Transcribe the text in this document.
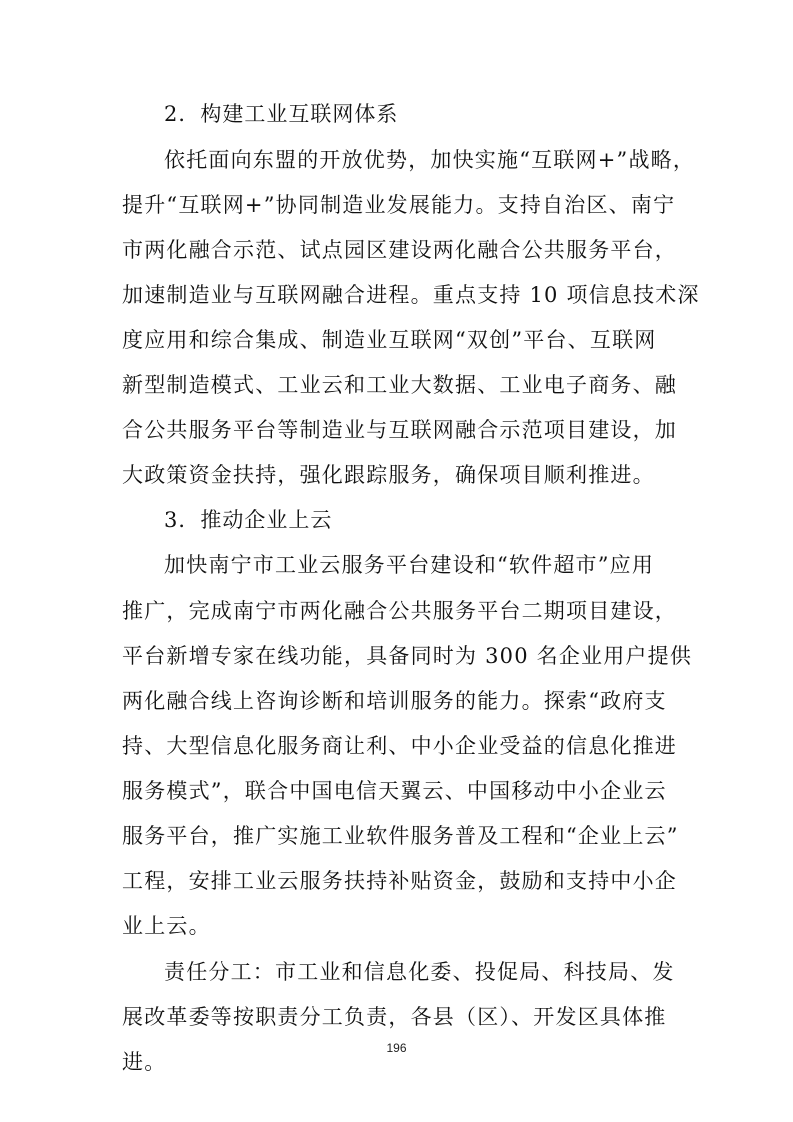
2．构建工业互联网体系
依托面向东盟的开放优势，加快实施“互联网+”战略，
提升“互联网+”协同制造业发展能力。支持自治区、南宁
市两化融合示范、试点园区建设两化融合公共服务平台，
加速制造业与互联网融合进程。重点支持 10 项信息技术深
度应用和综合集成、制造业互联网“双创”平台、互联网
新型制造模式、工业云和工业大数据、工业电子商务、融
合公共服务平台等制造业与互联网融合示范项目建设，加
大政策资金扶持，强化跟踪服务，确保项目顺利推进。
3．推动企业上云
加快南宁市工业云服务平台建设和“软件超市”应用
推广，完成南宁市两化融合公共服务平台二期项目建设，
平台新增专家在线功能，具备同时为 300 名企业用户提供
两化融合线上咨询诊断和培训服务的能力。探索“政府支
持、大型信息化服务商让利、中小企业受益的信息化推进
服务模式”，联合中国电信天翼云、中国移动中小企业云
服务平台，推广实施工业软件服务普及工程和“企业上云”
工程，安排工业云服务扶持补贴资金，鼓励和支持中小企
业上云。
责任分工：市工业和信息化委、投促局、科技局、发
展改革委等按职责分工负责，各县（区）、开发区具体推
进。
196
